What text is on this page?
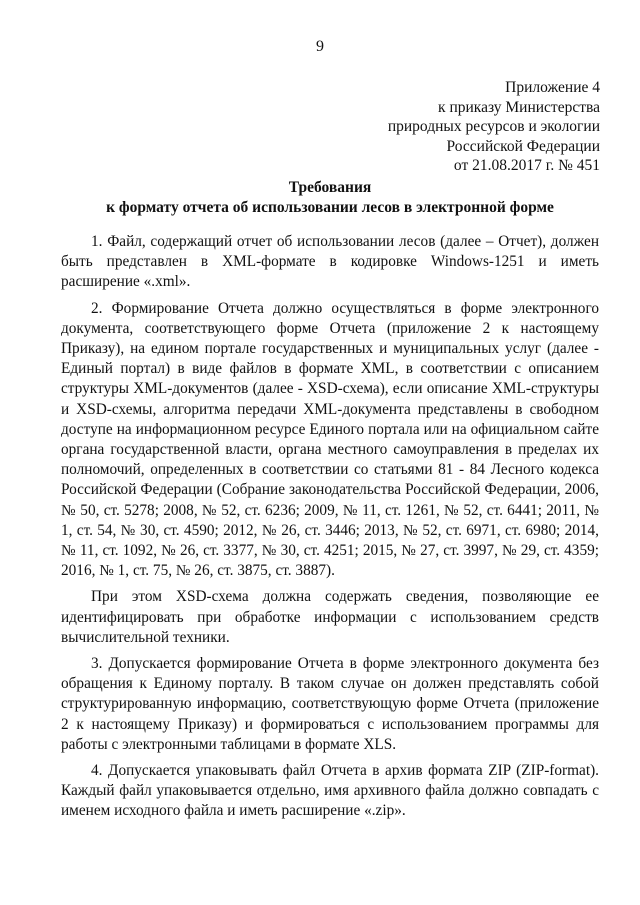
9
Приложение 4
к приказу Министерства
природных ресурсов и экологии
Российской Федерации
от 21.08.2017 г. № 451
Требования
к формату отчета об использовании лесов в электронной форме

1. Файл, содержащий отчет об использовании лесов (далее – Отчет), должен быть представлен в XML-формате в кодировке Windows-1251 и иметь расширение «.xml».

2. Формирование Отчета должно осуществляться в форме электронного документа, соответствующего форме Отчета (приложение 2 к настоящему Приказу), на едином портале государственных и муниципальных услуг (далее - Единый портал) в виде файлов в формате XML, в соответствии с описанием структуры XML-документов (далее - XSD-схема), если описание XML-структуры и XSD-схемы, алгоритма передачи XML-документа представлены в свободном доступе на информационном ресурсе Единого портала или на официальном сайте органа государственной власти, органа местного самоуправления в пределах их полномочий, определенных в соответствии со статьями 81 - 84 Лесного кодекса Российской Федерации (Собрание законодательства Российской Федерации, 2006, № 50, ст. 5278; 2008, № 52, ст. 6236; 2009, № 11, ст. 1261, № 52, ст. 6441; 2011, № 1, ст. 54, № 30, ст. 4590; 2012, № 26, ст. 3446; 2013, № 52, ст. 6971, ст. 6980; 2014, № 11, ст. 1092, № 26, ст. 3377, № 30, ст. 4251; 2015, № 27, ст. 3997, № 29, ст. 4359; 2016, № 1, ст. 75, № 26, ст. 3875, ст. 3887).

При этом XSD-схема должна содержать сведения, позволяющие ее идентифицировать при обработке информации с использованием средств вычислительной техники.

3. Допускается формирование Отчета в форме электронного документа без обращения к Единому порталу. В таком случае он должен представлять собой структурированную информацию, соответствующую форме Отчета (приложение 2 к настоящему Приказу) и формироваться с использованием программы для работы с электронными таблицами в формате XLS.

4. Допускается упаковывать файл Отчета в архив формата ZIP (ZIP-format). Каждый файл упаковывается отдельно, имя архивного файла должно совпадать с именем исходного файла и иметь расширение «.zip».
